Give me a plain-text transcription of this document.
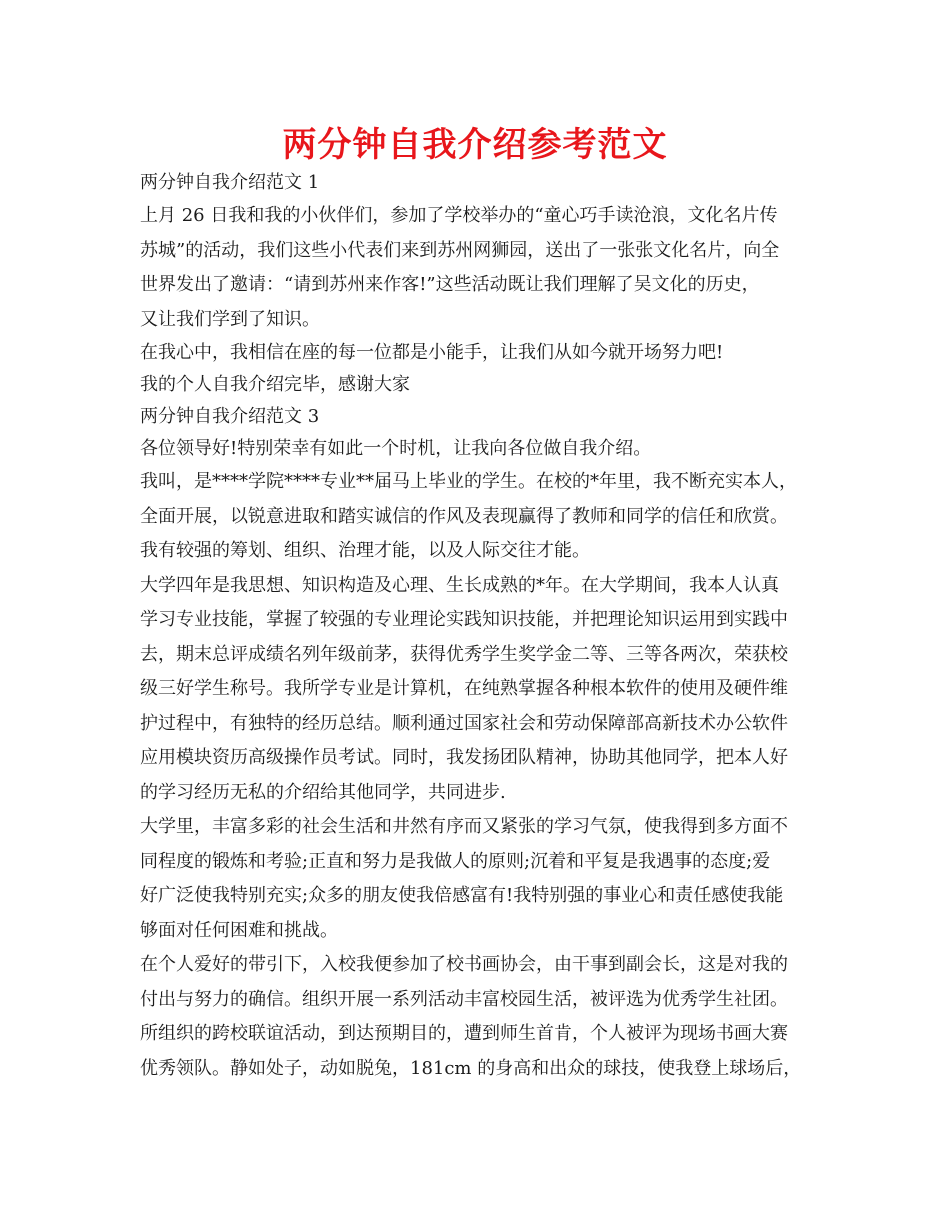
两分钟自我介绍参考范文

两分钟自我介绍范文 1

上月 26 日我和我的小伙伴们，参加了学校举办的“童心巧手读沧浪，文化名片传
苏城”的活动，我们这些小代表们来到苏州网狮园，送出了一张张文化名片，向全
世界发出了邀请：“请到苏州来作客!”这些活动既让我们理解了吴文化的历史，
又让我们学到了知识。

在我心中，我相信在座的每一位都是小能手，让我们从如今就开场努力吧!

我的个人自我介绍完毕，感谢大家

两分钟自我介绍范文 3

各位领导好!特别荣幸有如此一个时机，让我向各位做自我介绍。

我叫，是****学院****专业**届马上毕业的学生。在校的*年里，我不断充实本人，
全面开展，以锐意进取和踏实诚信的作风及表现赢得了教师和同学的信任和欣赏。
我有较强的筹划、组织、治理才能，以及人际交往才能。

大学四年是我思想、知识构造及心理、生长成熟的*年。在大学期间，我本人认真
学习专业技能，掌握了较强的专业理论实践知识技能，并把理论知识运用到实践中
去，期末总评成绩名列年级前茅，获得优秀学生奖学金二等、三等各两次，荣获校
级三好学生称号。我所学专业是计算机，在纯熟掌握各种根本软件的使用及硬件维
护过程中，有独特的经历总结。顺利通过国家社会和劳动保障部高新技术办公软件
应用模块资历高级操作员考试。同时，我发扬团队精神，协助其他同学，把本人好
的学习经历无私的介绍给其他同学，共同进步.

大学里，丰富多彩的社会生活和井然有序而又紧张的学习气氛，使我得到多方面不
同程度的锻炼和考验;正直和努力是我做人的原则;沉着和平复是我遇事的态度;爱
好广泛使我特别充实;众多的朋友使我倍感富有!我特别强的事业心和责任感使我能
够面对任何困难和挑战。

在个人爱好的带引下，入校我便参加了校书画协会，由干事到副会长，这是对我的
付出与努力的确信。组织开展一系列活动丰富校园生活，被评选为优秀学生社团。
所组织的跨校联谊活动，到达预期目的，遭到师生首肯，个人被评为现场书画大赛
优秀领队。静如处子，动如脱兔，181cm 的身高和出众的球技，使我登上球场后，
